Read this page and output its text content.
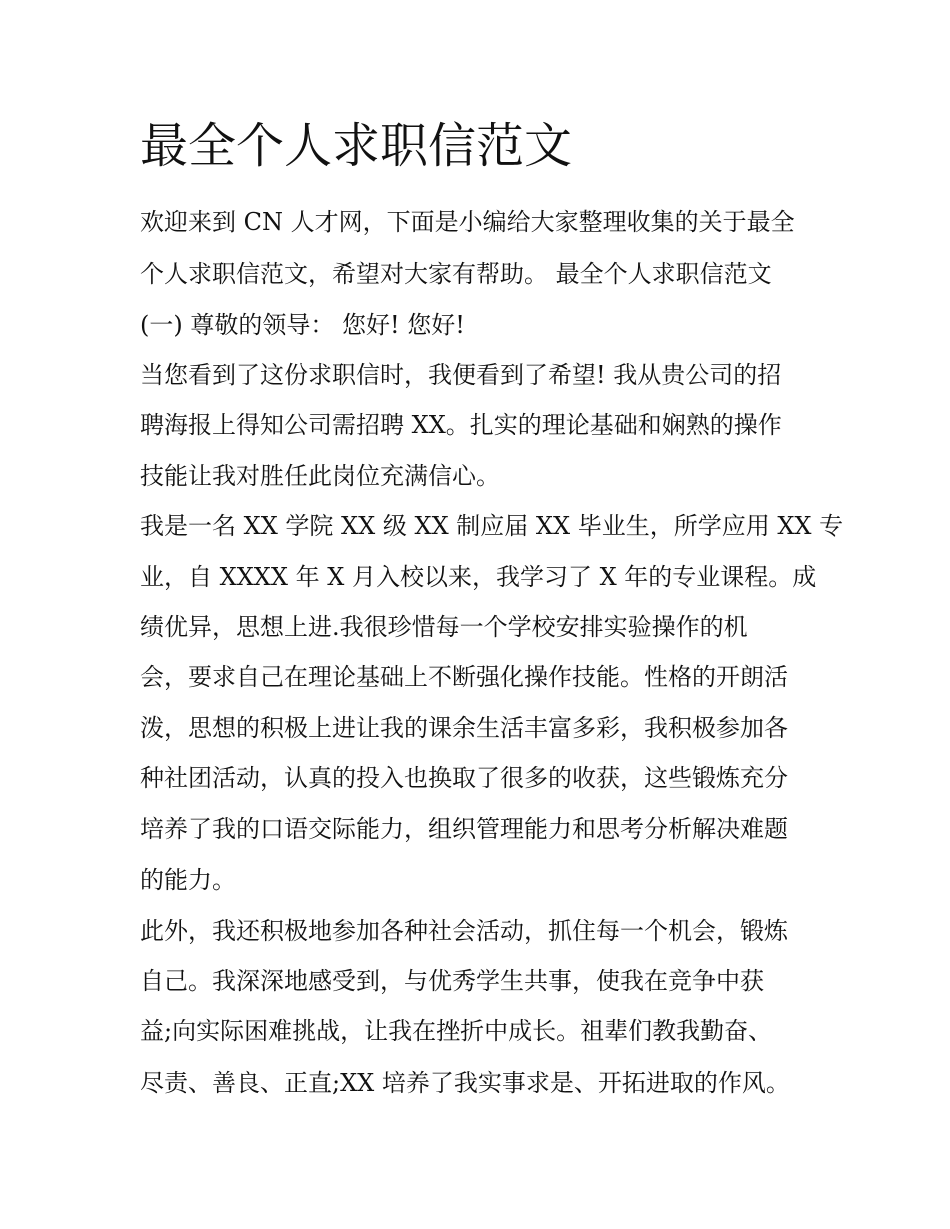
最全个人求职信范文

欢迎来到 CN 人才网，下面是小编给大家整理收集的关于最全

个人求职信范文，希望对大家有帮助。 最全个人求职信范文

(一) 尊敬的领导： 您好! 您好!

当您看到了这份求职信时，我便看到了希望! 我从贵公司的招

聘海报上得知公司需招聘 XX。扎实的理论基础和娴熟的操作

技能让我对胜任此岗位充满信心。

我是一名 XX 学院 XX 级 XX 制应届 XX 毕业生，所学应用 XX 专

业，自 XXXX 年 X 月入校以来，我学习了 X 年的专业课程。成

绩优异，思想上进.我很珍惜每一个学校安排实验操作的机

会，要求自己在理论基础上不断强化操作技能。性格的开朗活

泼，思想的积极上进让我的课余生活丰富多彩，我积极参加各

种社团活动，认真的投入也换取了很多的收获，这些锻炼充分

培养了我的口语交际能力，组织管理能力和思考分析解决难题

的能力。

此外，我还积极地参加各种社会活动，抓住每一个机会，锻炼

自己。我深深地感受到，与优秀学生共事，使我在竞争中获

益;向实际困难挑战，让我在挫折中成长。祖辈们教我勤奋、

尽责、善良、正直;XX 培养了我实事求是、开拓进取的作风。
